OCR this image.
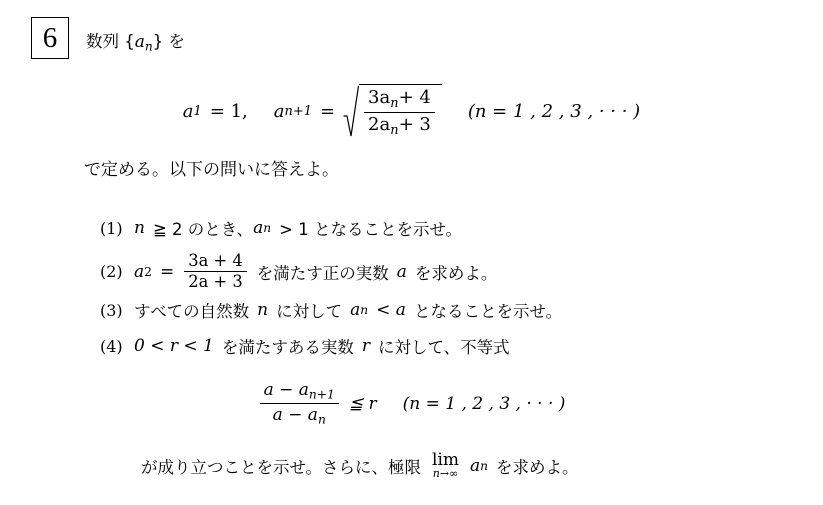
6 数列 $\{a_n\}$ を
a 1 = 1, a $n+1 = \frac{3a_n+ 4}{2a_n+ 3} (n = 1$ , 2 , 3 , · · · )
で定める。以下の問いに答えよ。
(1) n ≧ 2 のとき、 a n > 1 となることを示せ。
(2) a $2 = \frac{3a + 4}{2a + 3}$ を満たす正の実数 a を求めよ。
(3) すべての自然数 n に対して a n < a となることを示せ。
(4) 0 < r < 1 を満たすある実数 r に対して、不等式
$\frac{a - a_{n+1}}{a - a_n}$ ≦ r (n = 1 , 2 , 3 , · · · )
が成り立つことを示せ。さらに、極限 lim
n→∞ a n を求めよ。
